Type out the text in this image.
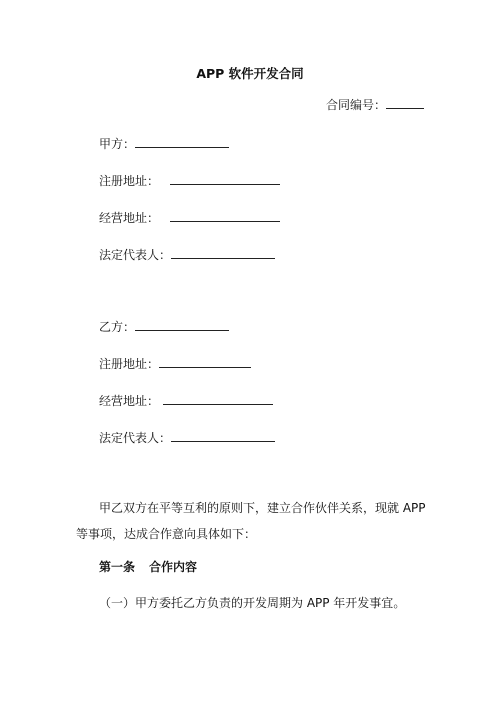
APP 软件开发合同
合同编号：
甲方：
注册地址：
经营地址：
法定代表人：
乙方：
注册地址：
经营地址：
法定代表人：
甲乙双方在平等互利的原则下，建立合作伙伴关系，现就 APP
等事项，达成合作意向具体如下：
第一条 合作内容
（一）甲方委托乙方负责的开发周期为 APP 年开发事宜。
